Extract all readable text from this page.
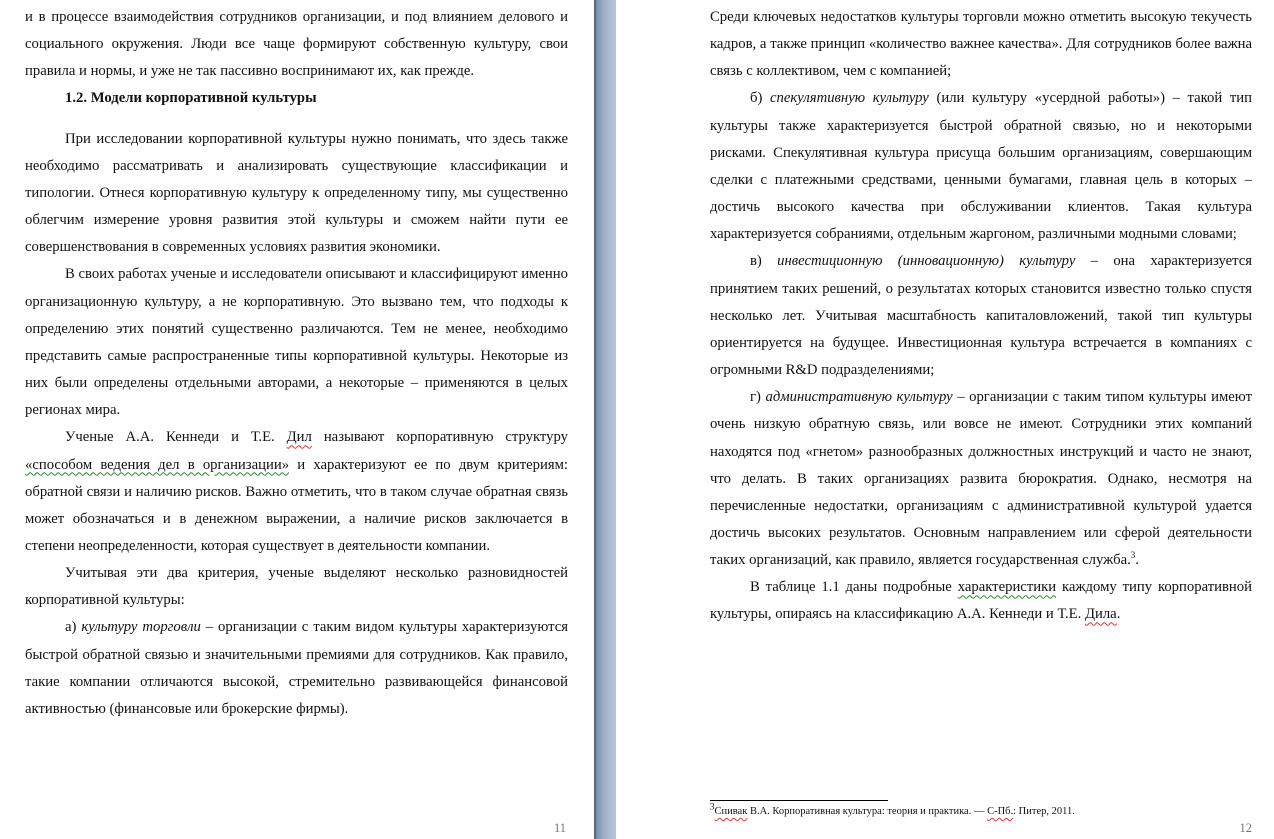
и в процессе взаимодействия сотрудников организации, и под влиянием делового и социального окружения. Люди все чаще формируют собственную культуру, свои правила и нормы, и уже не так пассивно воспринимают их, как прежде.

1.2. Модели корпоративной культуры

При исследовании корпоративной культуры нужно понимать, что здесь также необходимо рассматривать и анализировать существующие классификации и типологии. Отнеся корпоративную культуру к определенному типу, мы существенно облегчим измерение уровня развития этой культуры и сможем найти пути ее совершенствования в современных условиях развития экономики.

В своих работах ученые и исследователи описывают и классифицируют именно организационную культуру, а не корпоративную. Это вызвано тем, что подходы к определению этих понятий существенно различаются. Тем не менее, необходимо представить самые распространенные типы корпоративной культуры. Некоторые из них были определены отдельными авторами, а некоторые – применяются в целых регионах мира.

Ученые А.А. Кеннеди и Т.Е. Дил называют корпоративную структуру «способом ведения дел в организации» и характеризуют ее по двум критериям: обратной связи и наличию рисков. Важно отметить, что в таком случае обратная связь может обозначаться и в денежном выражении, а наличие рисков заключается в степени неопределенности, которая существует в деятельности компании.

Учитывая эти два критерия, ученые выделяют несколько разновидностей корпоративной культуры:

а) культуру торговли – организации с таким видом культуры характеризуются быстрой обратной связью и значительными премиями для сотрудников. Как правило, такие компании отличаются высокой, стремительно развивающейся финансовой активностью (финансовые или брокерские фирмы).

11

Среди ключевых недостатков культуры торговли можно отметить высокую текучесть кадров, а также принцип «количество важнее качества». Для сотрудников более важна связь с коллективом, чем с компанией;

б) спекулятивную культуру (или культуру «усердной работы») – такой тип культуры также характеризуется быстрой обратной связью, но и некоторыми рисками. Спекулятивная культура присуща большим организациям, совершающим сделки с платежными средствами, ценными бумагами, главная цель в которых – достичь высокого качества при обслуживании клиентов. Такая культура характеризуется собраниями, отдельным жаргоном, различными модными словами;

в) инвестиционную (инновационную) культуру – она характеризуется принятием таких решений, о результатах которых становится известно только спустя несколько лет. Учитывая масштабность капиталовложений, такой тип культуры ориентируется на будущее. Инвестиционная культура встречается в компаниях с огромными R&D подразделениями;

г) административную культуру – организации с таким типом культуры имеют очень низкую обратную связь, или вовсе не имеют. Сотрудники этих компаний находятся под «гнетом» разнообразных должностных инструкций и часто не знают, что делать. В таких организациях развита бюрократия. Однако, несмотря на перечисленные недостатки, организациям с административной культурой удается достичь высоких результатов. Основным направлением или сферой деятельности таких организаций, как правило, является государственная служба.$^3$.

В таблице 1.1 даны подробные характеристики каждому типу корпоративной культуры, опираясь на классификацию А.А. Кеннеди и Т.Е. Дила.

$^3$Спивак В.А. Корпоративная культура: теория и практика. — С-Пб.: Питер, 2011.
12
